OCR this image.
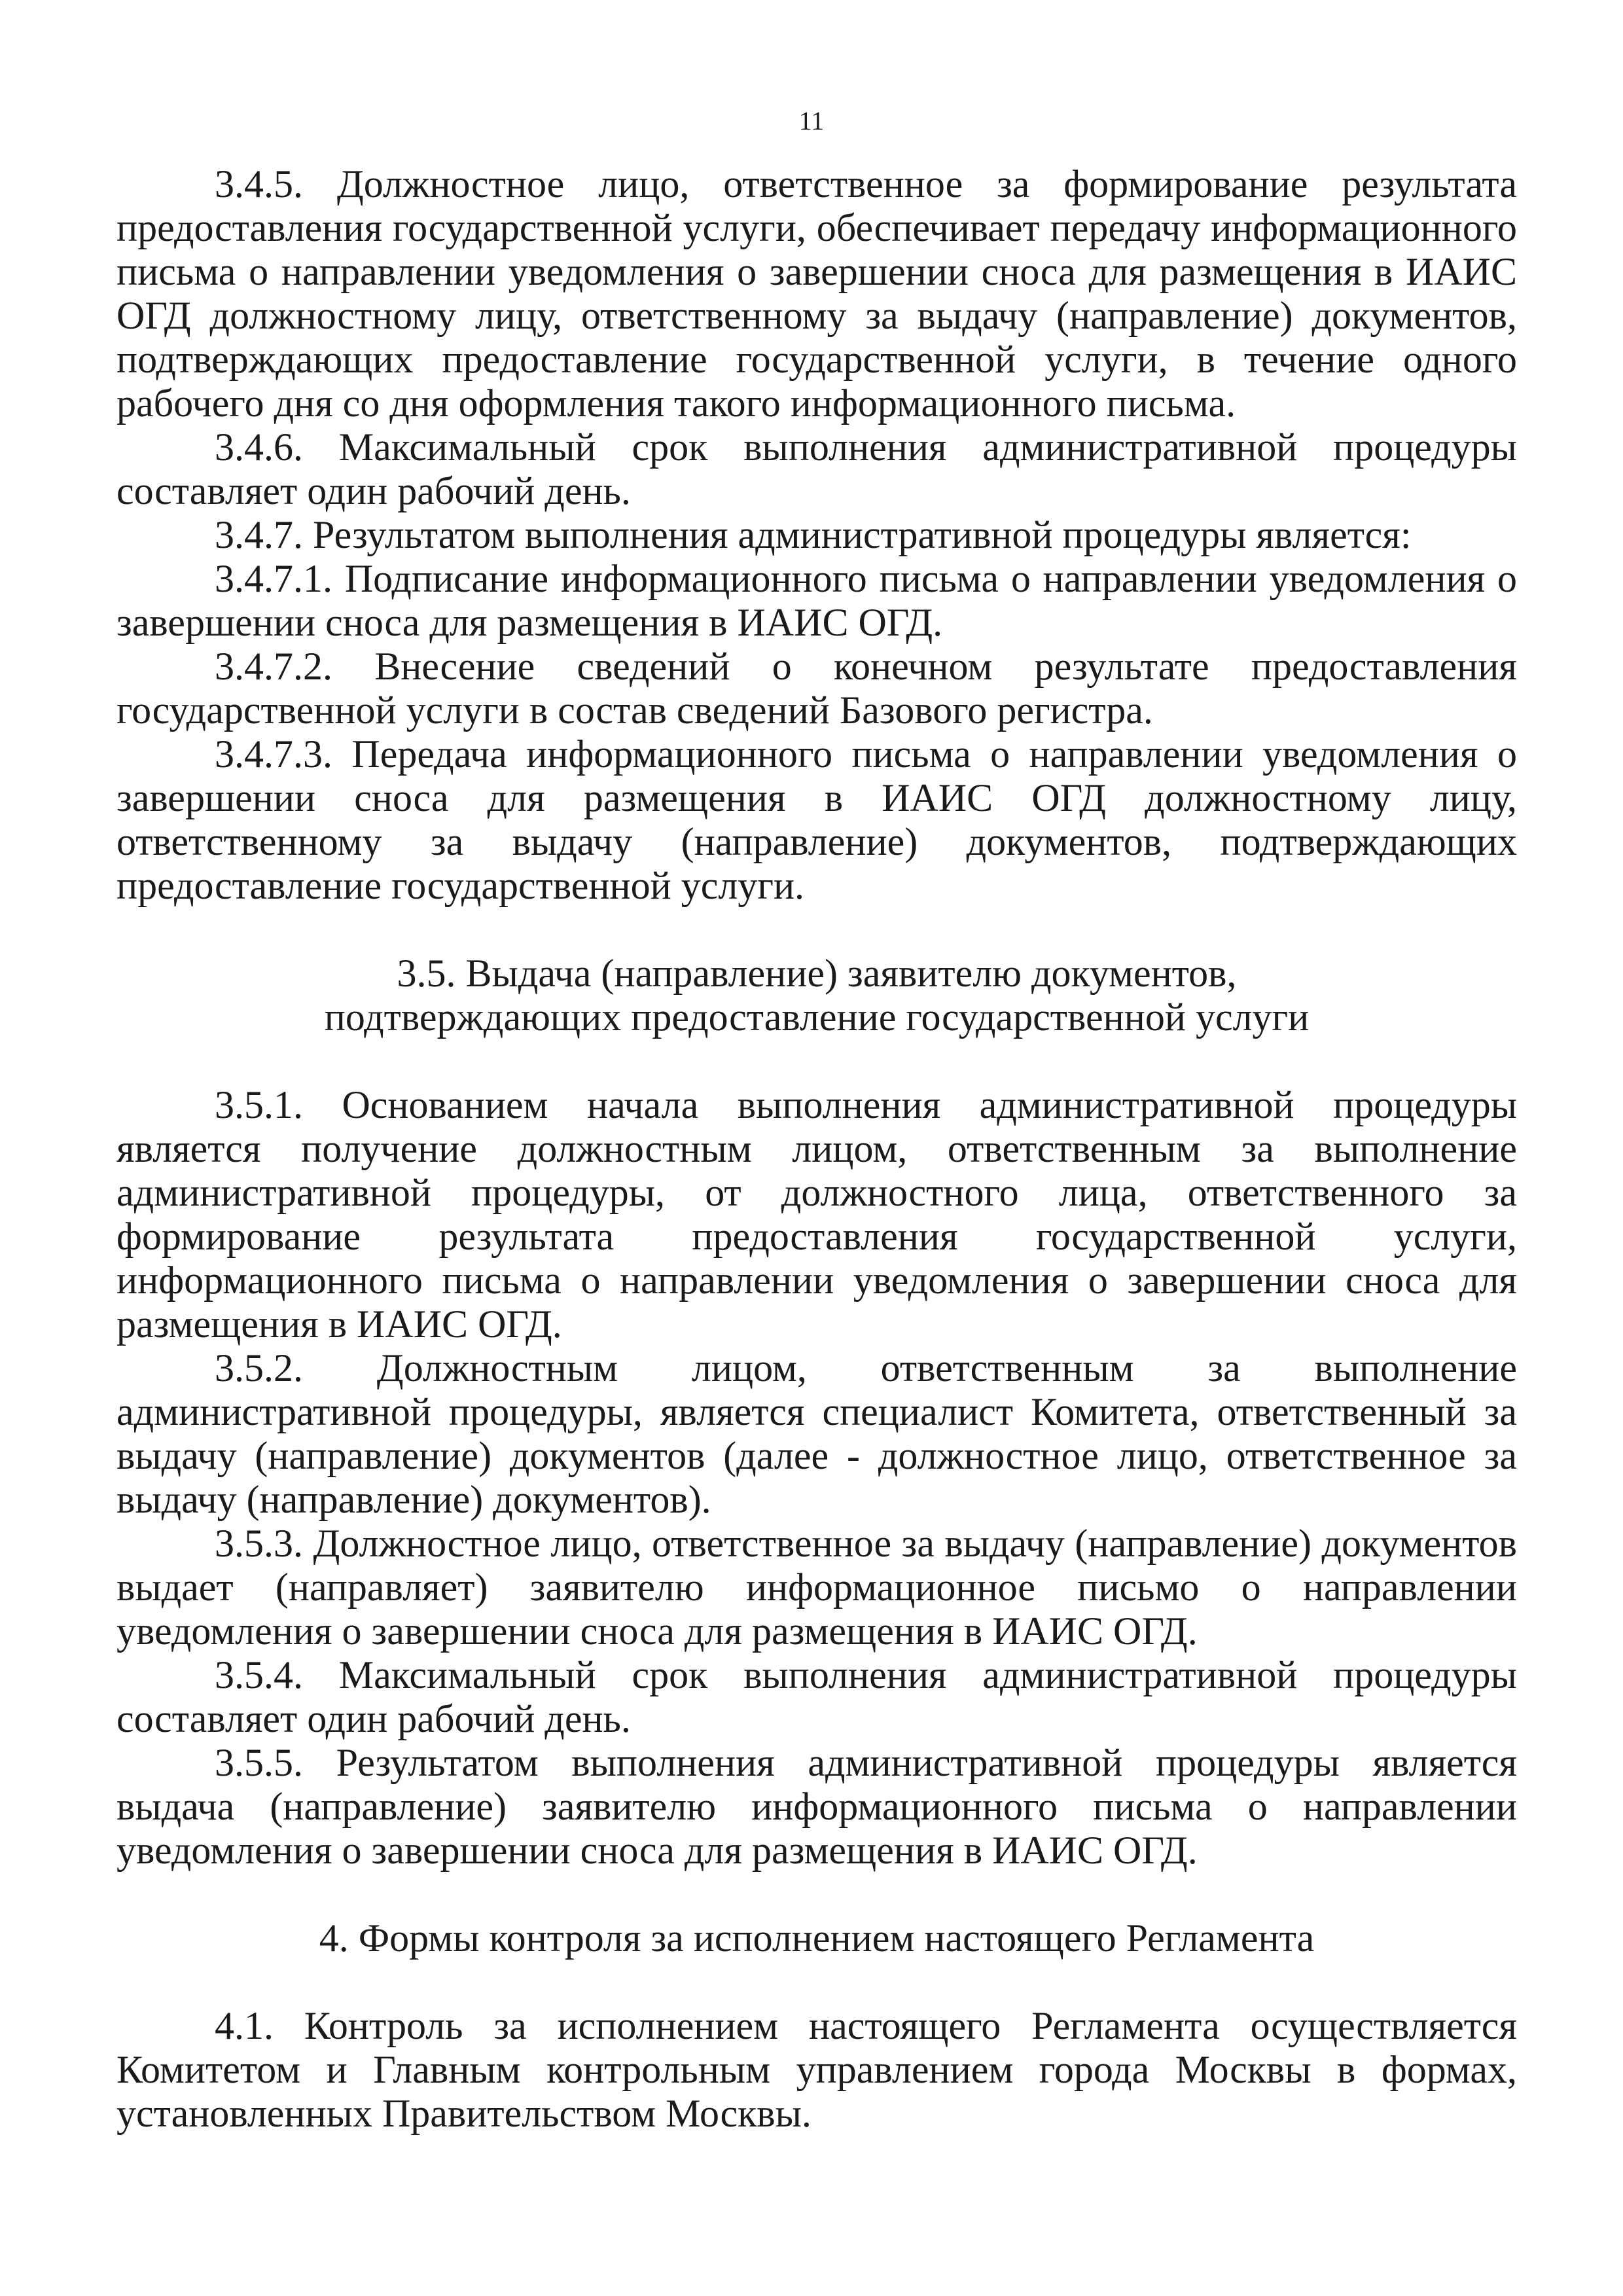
11

3.4.5. Должностное лицо, ответственное за формирование результата предоставления государственной услуги, обеспечивает передачу информационного письма о направлении уведомления о завершении сноса для размещения в ИАИС ОГД должностному лицу, ответственному за выдачу (направление) документов, подтверждающих предоставление государственной услуги, в течение одного рабочего дня со дня оформления такого информационного письма.

3.4.6. Максимальный срок выполнения административной процедуры составляет один рабочий день.

3.4.7. Результатом выполнения административной процедуры является:

3.4.7.1. Подписание информационного письма о направлении уведомления о завершении сноса для размещения в ИАИС ОГД.

3.4.7.2. Внесение сведений о конечном результате предоставления государственной услуги в состав сведений Базового регистра.

3.4.7.3. Передача информационного письма о направлении уведомления о завершении сноса для размещения в ИАИС ОГД должностному лицу, ответственному за выдачу (направление) документов, подтверждающих предоставление государственной услуги.

3.5. Выдача (направление) заявителю документов,
подтверждающих предоставление государственной услуги

3.5.1. Основанием начала выполнения административной процедуры является получение должностным лицом, ответственным за выполнение административной процедуры, от должностного лица, ответственного за формирование результата предоставления государственной услуги, информационного письма о направлении уведомления о завершении сноса для размещения в ИАИС ОГД.

3.5.2. Должностным лицом, ответственным за выполнение административной процедуры, является специалист Комитета, ответственный за выдачу (направление) документов (далее - должностное лицо, ответственное за выдачу (направление) документов).

3.5.3. Должностное лицо, ответственное за выдачу (направление) документов выдает (направляет) заявителю информационное письмо о направлении уведомления о завершении сноса для размещения в ИАИС ОГД.

3.5.4. Максимальный срок выполнения административной процедуры составляет один рабочий день.

3.5.5. Результатом выполнения административной процедуры является выдача (направление) заявителю информационного письма о направлении уведомления о завершении сноса для размещения в ИАИС ОГД.

4. Формы контроля за исполнением настоящего Регламента

4.1. Контроль за исполнением настоящего Регламента осуществляется Комитетом и Главным контрольным управлением города Москвы в формах, установленных Правительством Москвы.
